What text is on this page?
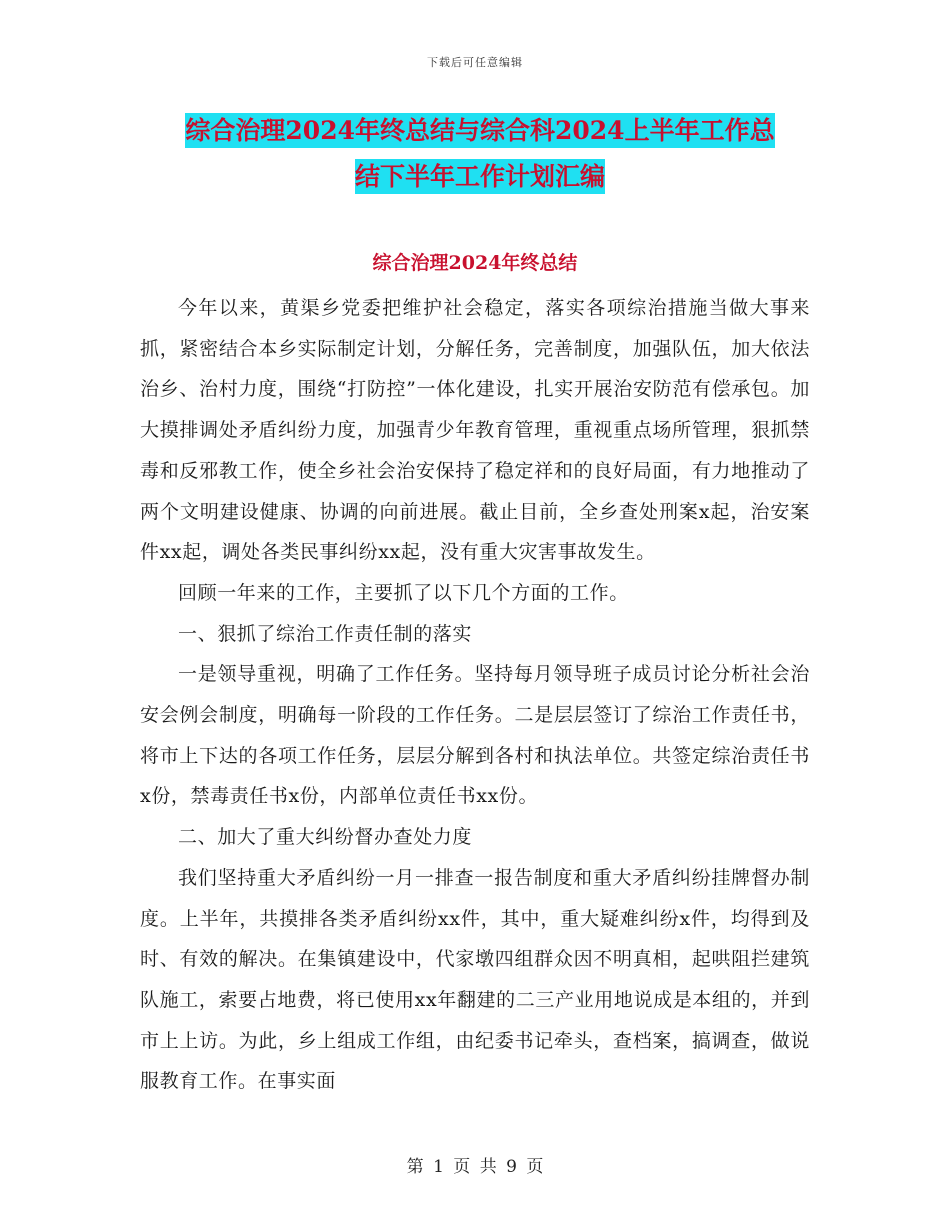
下载后可任意编辑
综合治理2024年终总结与综合科2024上半年工作总
结下半年工作计划汇编
综合治理2024年终总结

今年以来，黄渠乡党委把维护社会稳定，落实各项综治措施当做大事来抓，紧密结合本乡实际制定计划，分解任务，完善制度，加强队伍，加大依法治乡、治村力度，围绕“打防控”一体化建设，扎实开展治安防范有偿承包。加大摸排调处矛盾纠纷力度，加强青少年教育管理，重视重点场所管理，狠抓禁毒和反邪教工作，使全乡社会治安保持了稳定祥和的良好局面，有力地推动了两个文明建设健康、协调的向前进展。截止目前，全乡查处刑案x起，治安案件xx起，调处各类民事纠纷xx起，没有重大灾害事故发生。

回顾一年来的工作，主要抓了以下几个方面的工作。

一、狠抓了综治工作责任制的落实

一是领导重视，明确了工作任务。坚持每月领导班子成员讨论分析社会治安会例会制度，明确每一阶段的工作任务。二是层层签订了综治工作责任书，将市上下达的各项工作任务，层层分解到各村和执法单位。共签定综治责任书x份，禁毒责任书x份，内部单位责任书xx份。

二、加大了重大纠纷督办查处力度

我们坚持重大矛盾纠纷一月一排查一报告制度和重大矛盾纠纷挂牌督办制度。上半年，共摸排各类矛盾纠纷xx件，其中，重大疑难纠纷x件，均得到及时、有效的解决。在集镇建设中，代家墩四组群众因不明真相，起哄阻拦建筑队施工，索要占地费，将已使用xx年翻建的二三产业用地说成是本组的，并到市上上访。为此，乡上组成工作组，由纪委书记牵头，查档案，搞调查，做说服教育工作。在事实面

第 1 页 共 9 页
